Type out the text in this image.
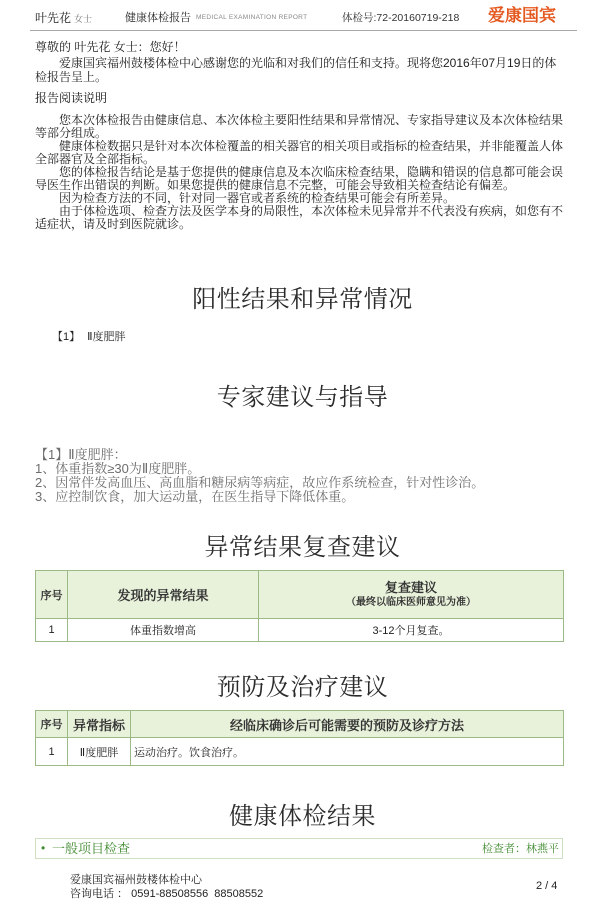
叶先花 女士	健康体检报告 MEDICAL EXAMINATION REPORT	体检号:72-20160719-218 爱康国宾
尊敬的 叶先花 女士：您好！

爱康国宾福州鼓楼体检中心感谢您的光临和对我们的信任和支持。现将您2016年07月19日的体检报告呈上。

报告阅读说明

您本次体检报告由健康信息、本次体检主要阳性结果和异常情况、专家指导建议及本次体检结果等部分组成。

健康体检数据只是针对本次体检覆盖的相关器官的相关项目或指标的检查结果，并非能覆盖人体全部器官及全部指标。

您的体检报告结论是基于您提供的健康信息及本次临床检查结果，隐瞒和错误的信息都可能会误导医生作出错误的判断。如果您提供的健康信息不完整，可能会导致相关检查结论有偏差。

因为检查方法的不同，针对同一器官或者系统的检查结果可能会有所差异。

由于体检选项、检查方法及医学本身的局限性，本次体检未见异常并不代表没有疾病，如您有不适症状，请及时到医院就诊。

阳性结果和异常情况
【1】 Ⅱ度肥胖
专家建议与指导
【1】Ⅱ度肥胖：
1、体重指数≥30为Ⅱ度肥胖。
2、因常伴发高血压、高血脂和糖尿病等病症，故应作系统检查，针对性诊治。
3、应控制饮食，加大运动量，在医生指导下降低体重。
异常结果复查建议
序号	发现的异常结果	复查建议
（最终以临床医师意见为准）

1	体重指数增高	3-12个月复查。
预防及治疗建议
序号	异常指标	经临床确诊后可能需要的预防及诊疗方法
1	Ⅱ度肥胖	运动治疗。饮食治疗。
健康体检结果
• 一般项目检查	检查者：林燕平
爱康国宾福州鼓楼体检中心
咨询电话 ： 0591-88508556  88508552
2 / 4
